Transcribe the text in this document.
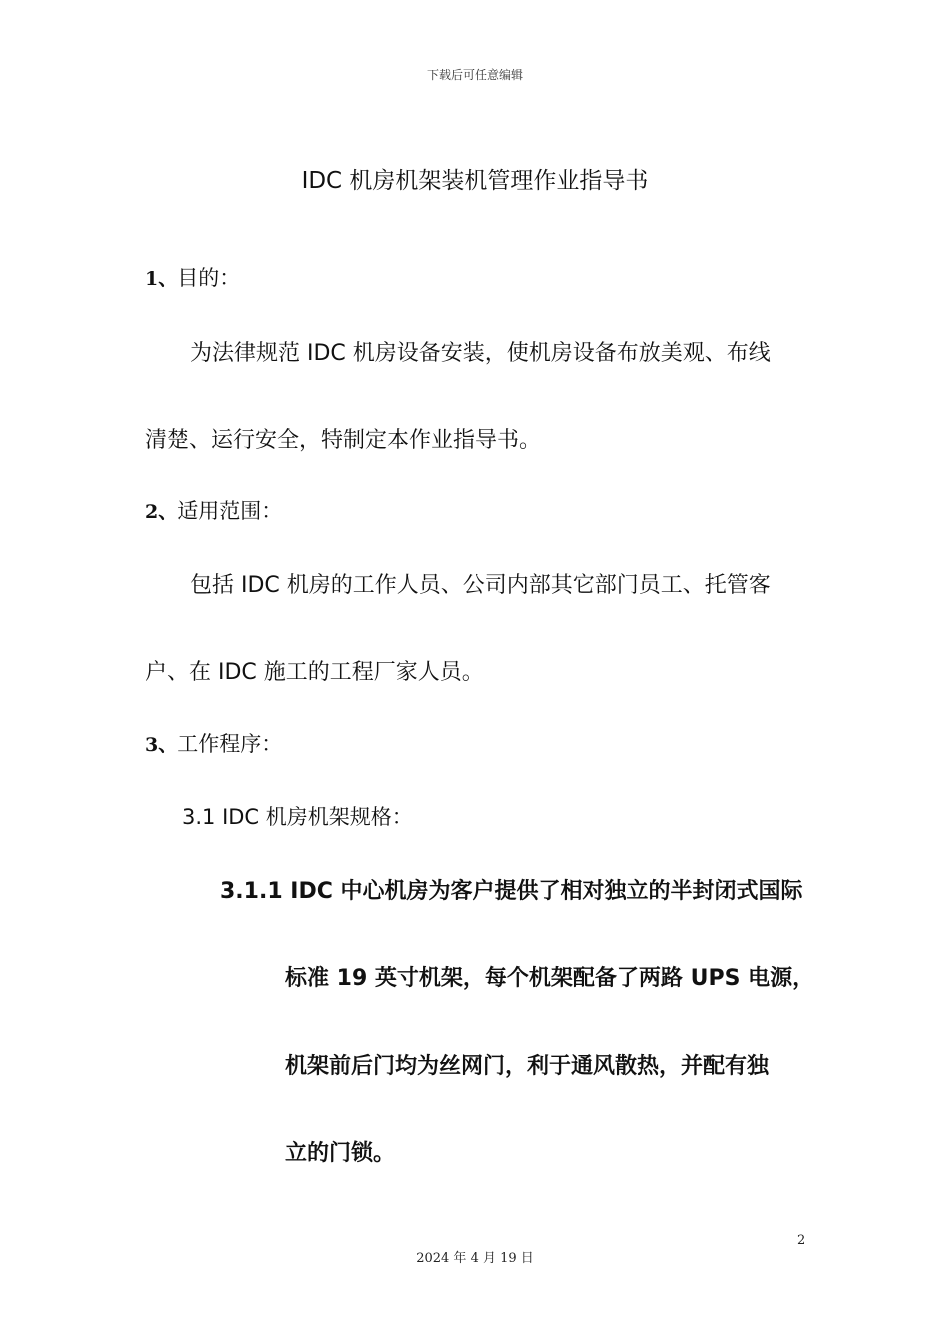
下载后可任意编辑
IDC 机房机架装机管理作业指导书
1、目的：
为法律规范 IDC 机房设备安装，使机房设备布放美观、布线
清楚、运行安全，特制定本作业指导书。
2、适用范围：
包括 IDC 机房的工作人员、公司内部其它部门员工、托管客
户、在 IDC 施工的工程厂家人员。
3、工作程序：
3.1 IDC 机房机架规格：
3.1.1 IDC 中心机房为客户提供了相对独立的半封闭式国际
标准 19 英寸机架，每个机架配备了两路 UPS 电源，
机架前后门均为丝网门，利于通风散热，并配有独
立的门锁。
2
2024 年 4 月 19 日
